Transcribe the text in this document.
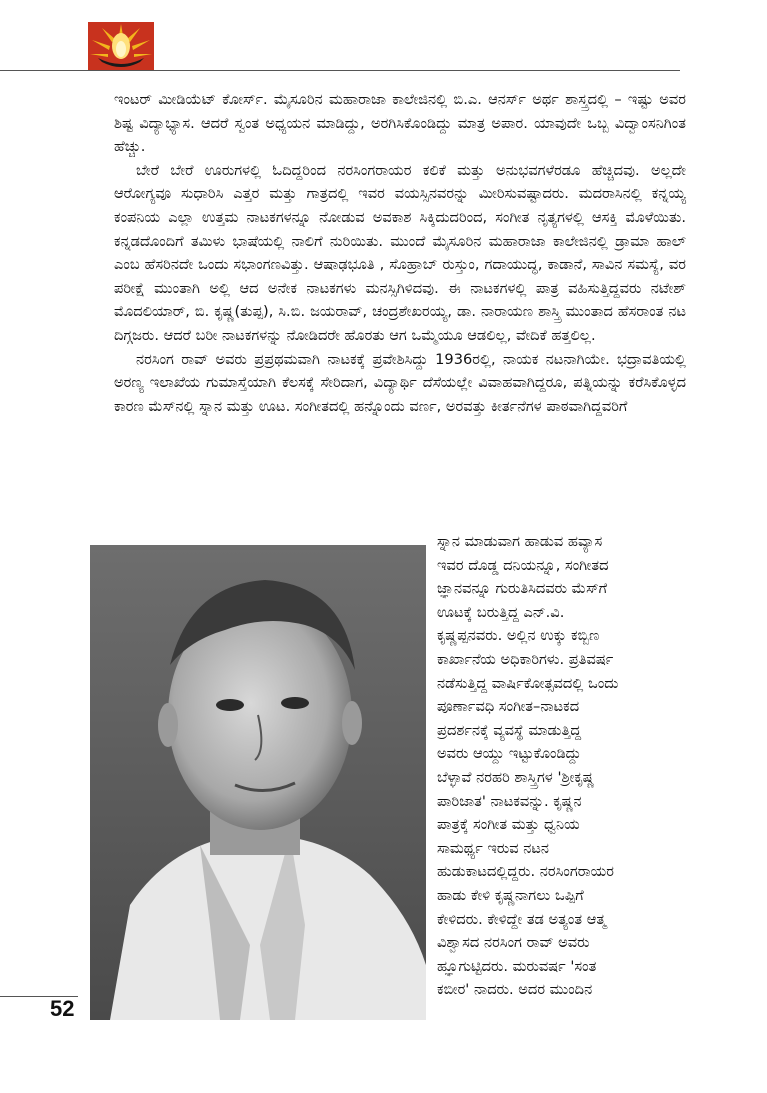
ಇಂಟರ್ ಮೀಡಿಯೆಟ್ ಕೋರ್ಸ್. ಮೈಸೂರಿನ ಮಹಾರಾಜಾ ಕಾಲೇಜಿನಲ್ಲಿ ಬಿ.ಎ. ಆನರ್ಸ್ ಅರ್ಥ ಶಾಸ್ತ್ರದಲ್ಲಿ – ಇಷ್ಟು ಅವರ ಶಿಷ್ಟ ವಿದ್ಯಾಭ್ಯಾಸ. ಆದರೆ ಸ್ವಂತ ಅಧ್ಯಯನ ಮಾಡಿದ್ದು, ಅರಗಿಸಿಕೊಂಡಿದ್ದು ಮಾತ್ರ ಅಪಾರ. ಯಾವುದೇ ಒಬ್ಬ ವಿದ್ವಾಂಸನಿಗಿಂತ ಹೆಚ್ಚು.

ಬೇರೆ ಬೇರೆ ಊರುಗಳಲ್ಲಿ ಓದಿದ್ದರಿಂದ ನರಸಿಂಗರಾಯರ ಕಲಿಕೆ ಮತ್ತು ಅನುಭವಗಳೆರಡೂ ಹೆಚ್ಚಿದವು. ಅಲ್ಲದೇ ಆರೋಗ್ಯವೂ ಸುಧಾರಿಸಿ ಎತ್ತರ ಮತ್ತು ಗಾತ್ರದಲ್ಲಿ ಇವರ ವಯಸ್ಸಿನವರನ್ನು ಮೀರಿಸುವಷ್ಟಾದರು. ಮದರಾಸಿನಲ್ಲಿ ಕನ್ನಯ್ಯ ಕಂಪನಿಯ ಎಲ್ಲಾ ಉತ್ತಮ ನಾಟಕಗಳನ್ನೂ ನೋಡುವ ಅವಕಾಶ ಸಿಕ್ಕಿದುದರಿಂದ, ಸಂಗೀತ ನೃತ್ಯಗಳಲ್ಲಿ ಆಸಕ್ತಿ ಮೊಳೆಯಿತು. ಕನ್ನಡದೊಂದಿಗೆ ತಮಿಳು ಭಾಷೆಯಲ್ಲಿ ನಾಲಿಗೆ ನುರಿಯಿತು. ಮುಂದೆ ಮೈಸೂರಿನ ಮಹಾರಾಜಾ ಕಾಲೇಜಿನಲ್ಲಿ ಡ್ರಾಮಾ ಹಾಲ್ ಎಂಬ ಹೆಸರಿನದೇ ಒಂದು ಸಭಾಂಗಣವಿತ್ತು. ಆಷಾಢಭೂತಿ , ಸೊಹ್ರಾಬ್ ರುಸ್ತುಂ, ಗದಾಯುದ್ಧ, ಕಾಡಾನೆ, ಸಾವಿನ ಸಮಸ್ಯೆ, ವರ ಪರೀಕ್ಷೆ ಮುಂತಾಗಿ ಅಲ್ಲಿ ಆದ ಅನೇಕ ನಾಟಕಗಳು ಮನಸ್ಸಿಗಿಳಿದವು. ಈ ನಾಟಕಗಳಲ್ಲಿ ಪಾತ್ರ ವಹಿಸುತ್ತಿದ್ದವರು ನಟೇಶ್ ಮೊದಲಿಯಾರ್, ಬಿ. ಕೃಷ್ಣ(ತುಪ್ಪ), ಸಿ.ಬಿ. ಜಯರಾವ್, ಚಂದ್ರಶೇಖರಯ್ಯ, ಡಾ. ನಾರಾಯಣ ಶಾಸ್ತ್ರಿ ಮುಂತಾದ ಹೆಸರಾಂತ ನಟ ದಿಗ್ಗಜರು. ಆದರೆ ಬರೀ ನಾಟಕಗಳನ್ನು ನೋಡಿದರೇ ಹೊರತು ಆಗ ಒಮ್ಮೆಯೂ ಆಡಲಿಲ್ಲ, ವೇದಿಕೆ ಹತ್ತಲಿಲ್ಲ.

ನರಸಿಂಗ ರಾವ್ ಅವರು ಪ್ರಪ್ರಥಮವಾಗಿ ನಾಟಕಕ್ಕೆ ಪ್ರವೇಶಿಸಿದ್ದು 1936ರಲ್ಲಿ, ನಾಯಕ ನಟನಾಗಿಯೇ. ಭದ್ರಾವತಿಯಲ್ಲಿ ಅರಣ್ಯ ಇಲಾಖೆಯ ಗುಮಾಸ್ತೆಯಾಗಿ ಕೆಲಸಕ್ಕೆ ಸೇರಿದಾಗ, ವಿದ್ಯಾರ್ಥಿ ದೆಸೆಯಲ್ಲೇ ವಿವಾಹವಾಗಿದ್ದರೂ, ಪತ್ನಿಯನ್ನು ಕರೆಸಿಕೊಳ್ಳದ ಕಾರಣ ಮೆಸ್‌ನಲ್ಲಿ ಸ್ನಾನ ಮತ್ತು ಊಟ. ಸಂಗೀತದಲ್ಲಿ ಹನ್ನೊಂದು ವರ್ಣ, ಅರವತ್ತು ಕೀರ್ತನೆಗಳ ಪಾಠವಾಗಿದ್ದವರಿಗೆ

ಸ್ನಾನ ಮಾಡುವಾಗ ಹಾಡುವ ಹವ್ಯಾಸ
ಇವರ ದೊಡ್ಡ ದನಿಯನ್ನೂ, ಸಂಗೀತದ
ಜ್ಞಾನವನ್ನೂ ಗುರುತಿಸಿದವರು ಮೆಸ್‌ಗೆ
ಊಟಕ್ಕೆ ಬರುತ್ತಿದ್ದ ಎನ್.ವಿ.
ಕೃಷ್ಣಪ್ಪನವರು. ಅಲ್ಲಿನ ಉಕ್ಕು ಕಬ್ಬಿಣ
ಕಾರ್ಖಾನೆಯ ಅಧಿಕಾರಿಗಳು. ಪ್ರತಿವರ್ಷ
ನಡೆಸುತ್ತಿದ್ದ ವಾರ್ಷಿಕೋತ್ಸವದಲ್ಲಿ ಒಂದು
ಪೂರ್ಣಾವಧಿ ಸಂಗೀತ–ನಾಟಕದ
ಪ್ರದರ್ಶನಕ್ಕೆ ವ್ಯವಸ್ಥೆ ಮಾಡುತ್ತಿದ್ದ
ಅವರು ಆಯ್ದು ಇಟ್ಟುಕೊಂಡಿದ್ದು
ಬೆಳ್ಳಾವೆ ನರಹರಿ ಶಾಸ್ತ್ರಿಗಳ 'ಶ್ರೀಕೃಷ್ಣ
ಪಾರಿಜಾತ' ನಾಟಕವನ್ನು. ಕೃಷ್ಣನ
ಪಾತ್ರಕ್ಕೆ ಸಂಗೀತ ಮತ್ತು ಧ್ವನಿಯ
ಸಾಮರ್ಥ್ಯ ಇರುವ ನಟನ
ಹುಡುಕಾಟದಲ್ಲಿದ್ದರು. ನರಸಿಂಗರಾಯರ
ಹಾಡು ಕೇಳಿ ಕೃಷ್ಣನಾಗಲು ಒಪ್ಪಿಗೆ
ಕೇಳಿದರು. ಕೇಳಿದ್ದೇ ತಡ ಅತ್ಯಂತ ಆತ್ಮ
ವಿಶ್ವಾಸದ ನರಸಿಂಗ ರಾವ್ ಅವರು
ಹ್ಞೂಗುಟ್ಟಿದರು. ಮರುವರ್ಷ 'ಸಂತ
ಕಬೀರ' ನಾದರು. ಅದರ ಮುಂದಿನ
52
